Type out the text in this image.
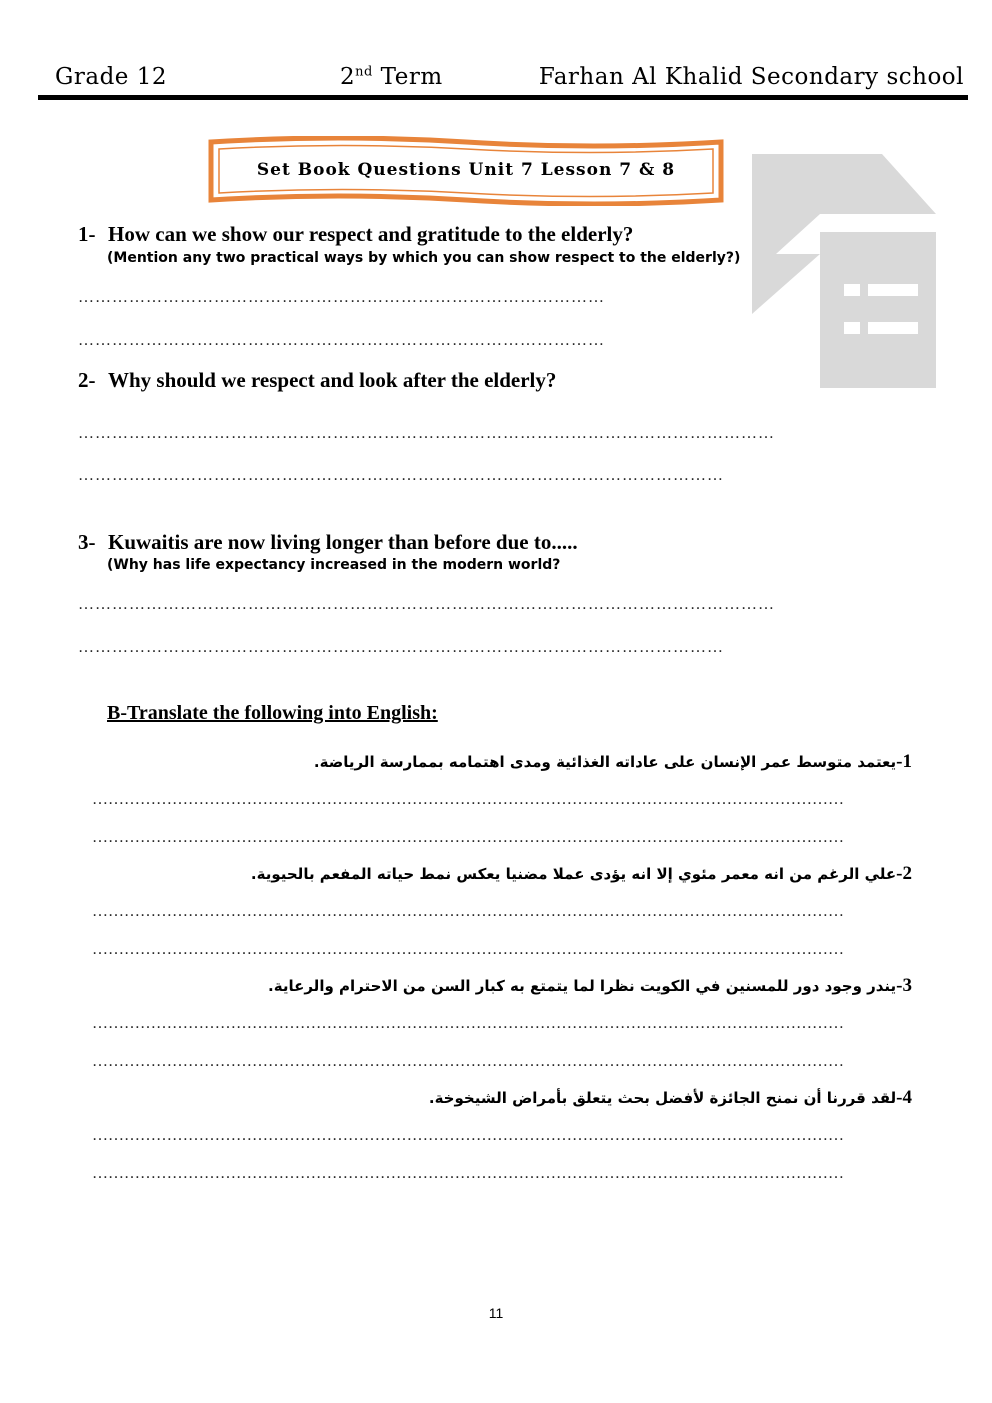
Grade 12	2nd Term	Farhan Al Khalid Secondary school
Set Book Questions Unit 7 Lesson 7 & 8
1- How can we show our respect and gratitude to the elderly?
(Mention any two practical ways by which you can show respect to the elderly?)
…………………………………………………………………………………
…………………………………………………………………………………
2- Why should we respect and look after the elderly?
……………………………………………………………………………………………………………
……………………………………………………………………………………………………
3- Kuwaitis are now living longer than before due to.....
(Why has life expectancy increased in the modern world?
……………………………………………………………………………………………………………
……………………………………………………………………………………………………
B-Translate the following into English:
1-يعتمد متوسط عمر الإنسان على عاداته الغذائية ومدى اهتمامه بممارسة الرياضة.
……………………………………………………………………………………………………………………………
……………………………………………………………………………………………………………………………
2-علي الرغم من انه معمر مئوي إلا انه يؤدى عملا مضنيا يعكس نمط حياته المفعم بالحيوية.
……………………………………………………………………………………………………………………………
……………………………………………………………………………………………………………………………
3-يندر وجود دور للمسنين في الكويت نظرا لما يتمتع به كبار السن من الاحترام والرعاية.
……………………………………………………………………………………………………………………………
……………………………………………………………………………………………………………………………
4-لقد قررنا أن نمنح الجائزة لأفضل بحث يتعلق بأمراض الشيخوخة.
……………………………………………………………………………………………………………………………
……………………………………………………………………………………………………………………………
11
